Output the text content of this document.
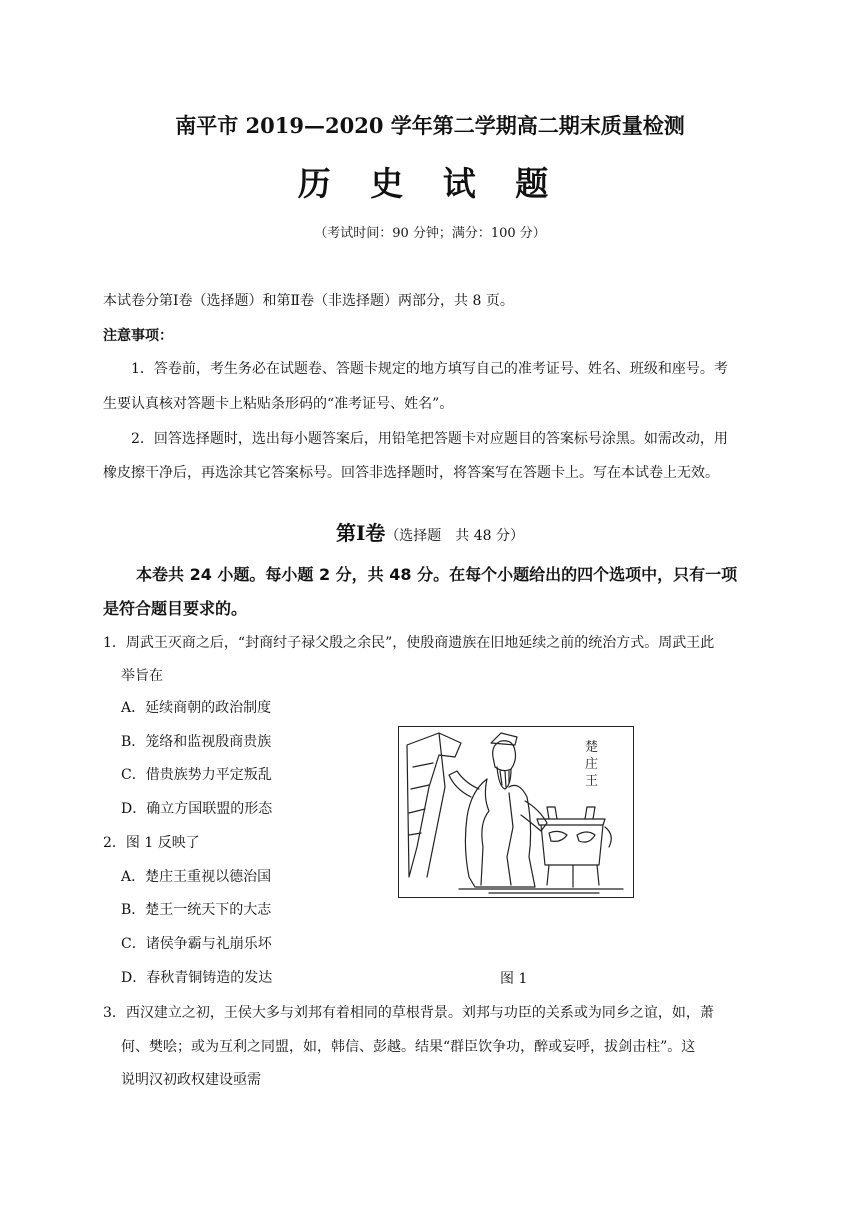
南平市 2019—2020 学年第二学期高二期末质量检测
历 史 试 题
（考试时间：90 分钟；满分：100 分）
本试卷分第Ⅰ卷（选择题）和第Ⅱ卷（非选择题）两部分，共 8 页。
注意事项：
1．答卷前，考生务必在试题卷、答题卡规定的地方填写自己的准考证号、姓名、班级和座号。考
生要认真核对答题卡上粘贴条形码的“准考证号、姓名”。
2．回答选择题时，选出每小题答案后，用铅笔把答题卡对应题目的答案标号涂黑。如需改动，用
橡皮擦干净后，再选涂其它答案标号。回答非选择题时，将答案写在答题卡上。写在本试卷上无效。
第Ⅰ卷（选择题　共 48 分）
本卷共 24 小题。每小题 2 分，共 48 分。在每个小题给出的四个选项中，只有一项
是符合题目要求的。
1．周武王灭商之后，“封商纣子禄父殷之余民”，使殷商遗族在旧地延续之前的统治方式。周武王此
举旨在
A．延续商朝的政治制度
B．笼络和监视殷商贵族
C．借贵族势力平定叛乱
D．确立方国联盟的形态
2．图 1 反映了
A．楚庄王重视以德治国
B．楚王一统天下的大志
C．诸侯争霸与礼崩乐坏
D．春秋青铜铸造的发达
楚
庄
王
图 1
3．西汉建立之初，王侯大多与刘邦有着相同的草根背景。刘邦与功臣的关系或为同乡之谊，如，萧
何、樊哙；或为互利之同盟，如，韩信、彭越。结果“群臣饮争功，醉或妄呼，拔剑击柱”。这
说明汉初政权建设亟需
